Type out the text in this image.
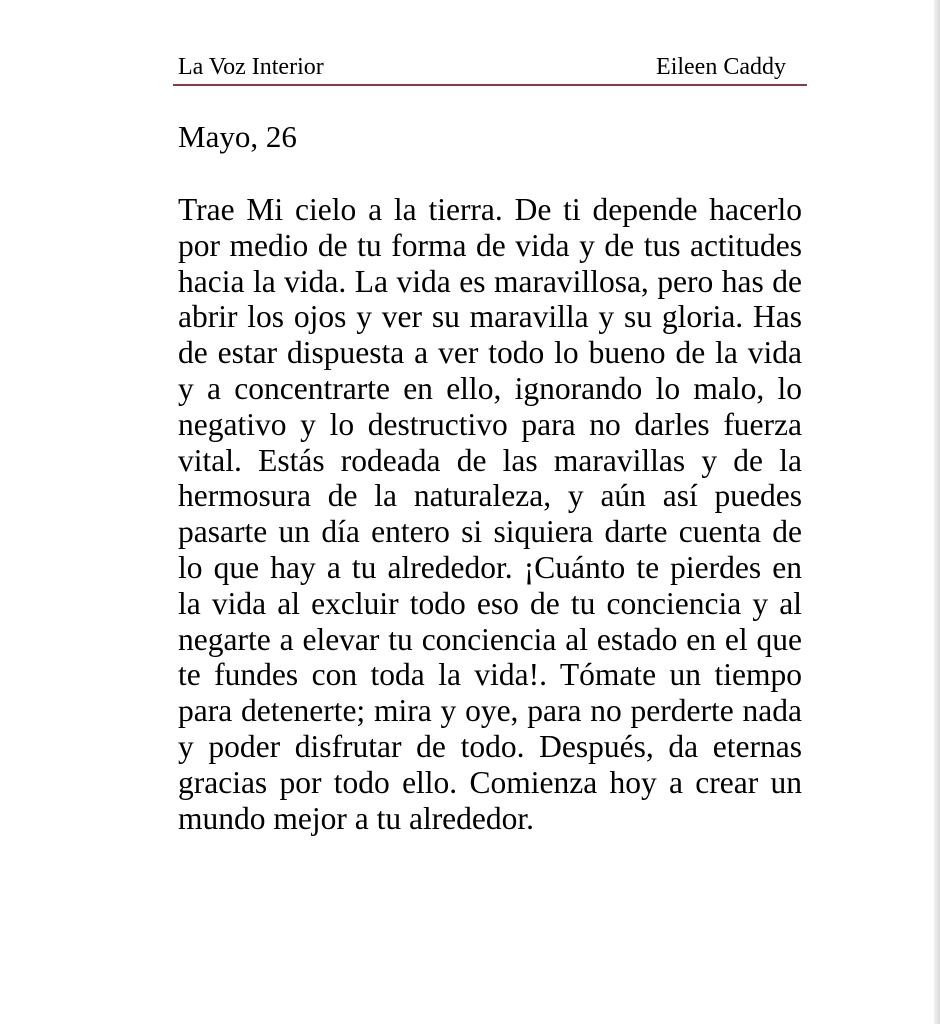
La Voz Interior	Eileen Caddy
Mayo, 26

Trae Mi cielo a la tierra. De ti depende hacerlo por medio de tu forma de vida y de tus actitudes hacia la vida. La vida es maravillosa, pero has de abrir los ojos y ver su maravilla y su gloria. Has de estar dispuesta a ver todo lo bueno de la vida y a concentrarte en ello, ignorando lo malo, lo negativo y lo destructivo para no darles fuerza vital. Estás rodeada de las maravillas y de la hermosura de la naturaleza, y aún así puedes pasarte un día entero si siquiera darte cuenta de lo que hay a tu alrededor. ¡Cuánto te pierdes en la vida al excluir todo eso de tu conciencia y al negarte a elevar tu conciencia al estado en el que te fundes con toda la vida!. Tómate un tiempo para detenerte; mira y oye, para no perderte nada y poder disfrutar de todo. Después, da eternas gracias por todo ello. Comienza hoy a crear un mundo mejor a tu alrededor.
